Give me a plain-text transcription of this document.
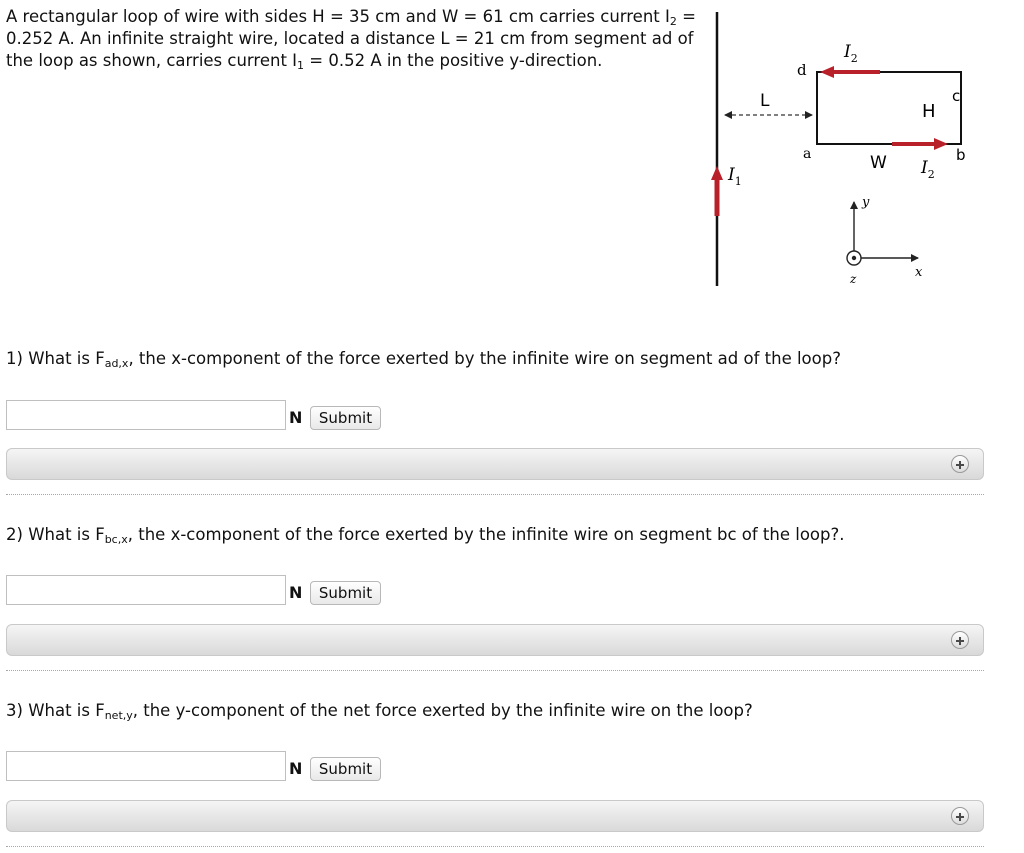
A rectangular loop of wire with sides H = 35 cm and W = 61 cm carries current $I_2$ =
0.252 A. An infinite straight wire, located a distance L = 21 cm from segment ad of
the loop as shown, carries current $I_1 = 0.52$ A in the positive y-direction.
$I_1$
L
$I_2$
$I_2$
H
W
a	b
c
d
y
x
z
1) What is $F_{ad,x}$, the x-component of the force exerted by the infinite wire on segment ad of the loop?
N	Submit
2) What is $F_{bc,x}$, the x-component of the force exerted by the infinite wire on segment bc of the loop?.
N	Submit
3) What is $F_{net,y}$, the y-component of the net force exerted by the infinite wire on the loop?
N	Submit
